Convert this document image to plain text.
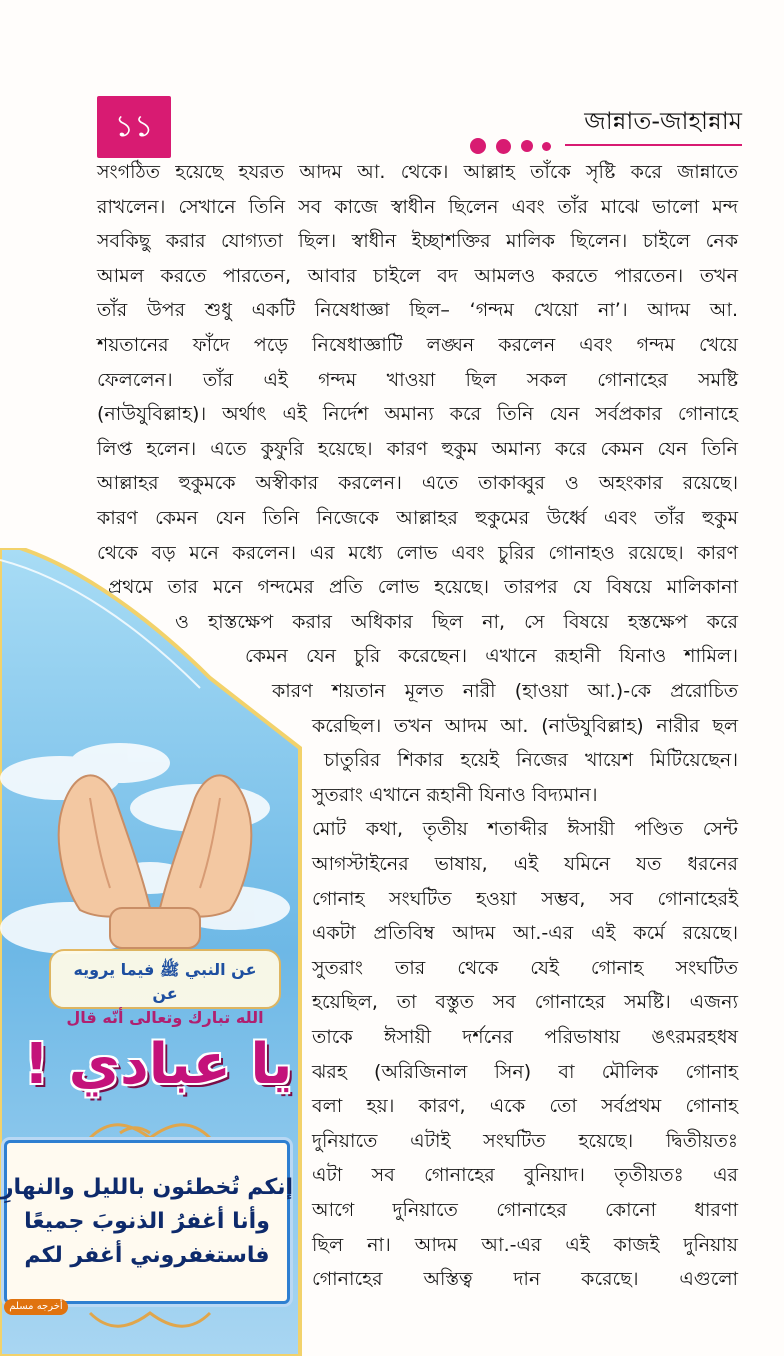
عن النبي ﷺ فيما يرويه عن
الله تبارك وتعالى أنّه قال
يا عبادي !
إنكم تُخطئون بالليل والنهارِ
وأنا أغفرُ الذنوبَ جميعًا
فاستغفروني أغفر لكم
أخرجه مسلم
১১	জান্নাত-জাহান্নাম
সংগঠিত হয়েছে হযরত আদম আ. থেকে। আল্লাহ তাঁকে সৃষ্টি করে জান্নাতে
রাখলেন। সেখানে তিনি সব কাজে স্বাধীন ছিলেন এবং তাঁর মাঝে ভালো মন্দ
সবকিছু করার যোগ্যতা ছিল। স্বাধীন ইচ্ছাশক্তির মালিক ছিলেন। চাইলে নেক
আমল করতে পারতেন, আবার চাইলে বদ আমলও করতে পারতেন। তখন
তাঁর উপর শুধু একটি নিষেধাজ্ঞা ছিল– ‘গন্দম খেয়ো না’। আদম আ.
শয়তানের ফাঁদে পড়ে নিষেধাজ্ঞাটি লঙ্ঘন করলেন এবং গন্দম খেয়ে
ফেললেন। তাঁর এই গন্দম খাওয়া ছিল সকল গোনাহের সমষ্টি
(নাউযুবিল্লাহ)। অর্থাৎ এই নির্দেশ অমান্য করে তিনি যেন সর্বপ্রকার গোনাহে
লিপ্ত হলেন। এতে কুফুরি হয়েছে। কারণ হুকুম অমান্য করে কেমন যেন তিনি
আল্লাহর হুকুমকে অস্বীকার করলেন। এতে তাকাব্বুর ও অহংকার রয়েছে।
কারণ কেমন যেন তিনি নিজেকে আল্লাহর হুকুমের উর্ধ্বে এবং তাঁর হুকুম
থেকে বড় মনে করলেন। এর মধ্যে লোভ এবং চুরির গোনাহও রয়েছে। কারণ
প্রথমে তার মনে গন্দমের প্রতি লোভ হয়েছে। তারপর যে বিষয়ে মালিকানা
ও হাস্তক্ষেপ করার অধিকার ছিল না, সে বিষয়ে হস্তক্ষেপ করে
কেমন যেন চুরি করেছেন। এখানে রূহানী যিনাও শামিল।
কারণ শয়তান মূলত নারী (হাওয়া আ.)-কে প্ররোচিত
করেছিল। তখন আদম আ. (নাউযুবিল্লাহ) নারীর ছল
চাতুরির শিকার হয়েই নিজের খায়েশ মিটিয়েছেন।
সুতরাং এখানে রূহানী যিনাও বিদ্যমান।
মোট কথা, তৃতীয় শতাব্দীর ঈসায়ী পণ্ডিত সেন্ট
আগস্টাইনের ভাষায়, এই যমিনে যত ধরনের
গোনাহ সংঘটিত হওয়া সম্ভব, সব গোনাহেরই
একটা প্রতিবিম্ব আদম আ.-এর এই কর্মে রয়েছে।
সুতরাং তার থেকে যেই গোনাহ সংঘটিত
হয়েছিল, তা বস্তুত সব গোনাহের সমষ্টি। এজন্য
তাকে ঈসায়ী দর্শনের পরিভাষায় ঙৎরমরহধষ
ঝরহ (অরিজিনাল সিন) বা মৌলিক গোনাহ
বলা হয়। কারণ, একে তো সর্বপ্রথম গোনাহ
দুনিয়াতে এটাই সংঘটিত হয়েছে। দ্বিতীয়তঃ
এটা সব গোনাহের বুনিয়াদ। তৃতীয়তঃ এর
আগে দুনিয়াতে গোনাহের কোনো ধারণা
ছিল না। আদম আ.-এর এই কাজই দুনিয়ায়
গোনাহের অস্তিত্ব দান করেছে। এগুলো
